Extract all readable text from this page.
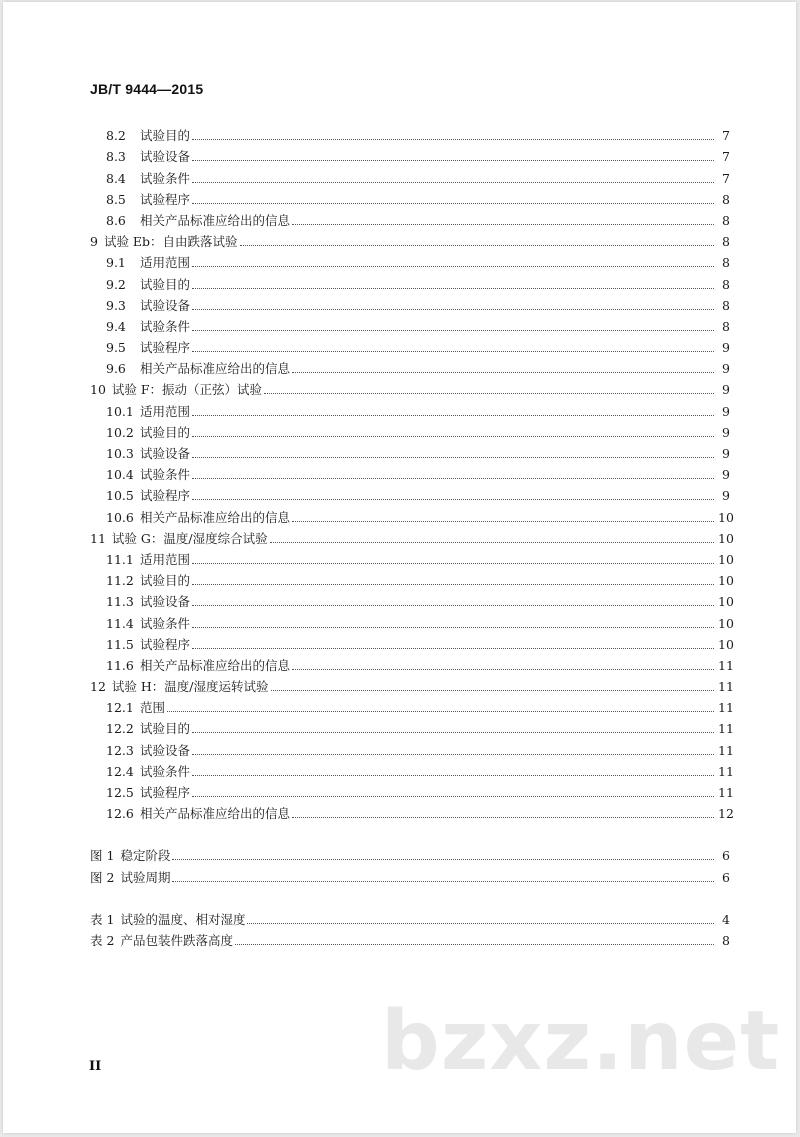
JB/T 9444—2015
8.2	试验目的	7
8.3	试验设备	7
8.4	试验条件	7
8.5	试验程序	8
8.6	相关产品标准应给出的信息	8
9 试验 Eb：自由跌落试验	8
9.1	适用范围	8
9.2	试验目的	8
9.3	试验设备	8
9.4	试验条件	8
9.5	试验程序	9
9.6	相关产品标准应给出的信息	9
10 试验 F：振动（正弦）试验	9
10.1 适用范围	9
10.2 试验目的	9
10.3 试验设备	9
10.4 试验条件	9
10.5 试验程序	9
10.6 相关产品标准应给出的信息	10
11 试验 G：温度/湿度综合试验	10
11.1 适用范围	10
11.2 试验目的	10
11.3 试验设备	10
11.4 试验条件	10
11.5 试验程序	10
11.6 相关产品标准应给出的信息	11
12 试验 H：温度/湿度运转试验	11
12.1 范围	11
12.2 试验目的	11
12.3 试验设备	11
12.4 试验条件	11
12.5 试验程序	11
12.6 相关产品标准应给出的信息	12
图 1 稳定阶段	6
图 2 试验周期	6
表 1 试验的温度、相对湿度	4
表 2 产品包装件跌落高度	8
II	bzxz.net
